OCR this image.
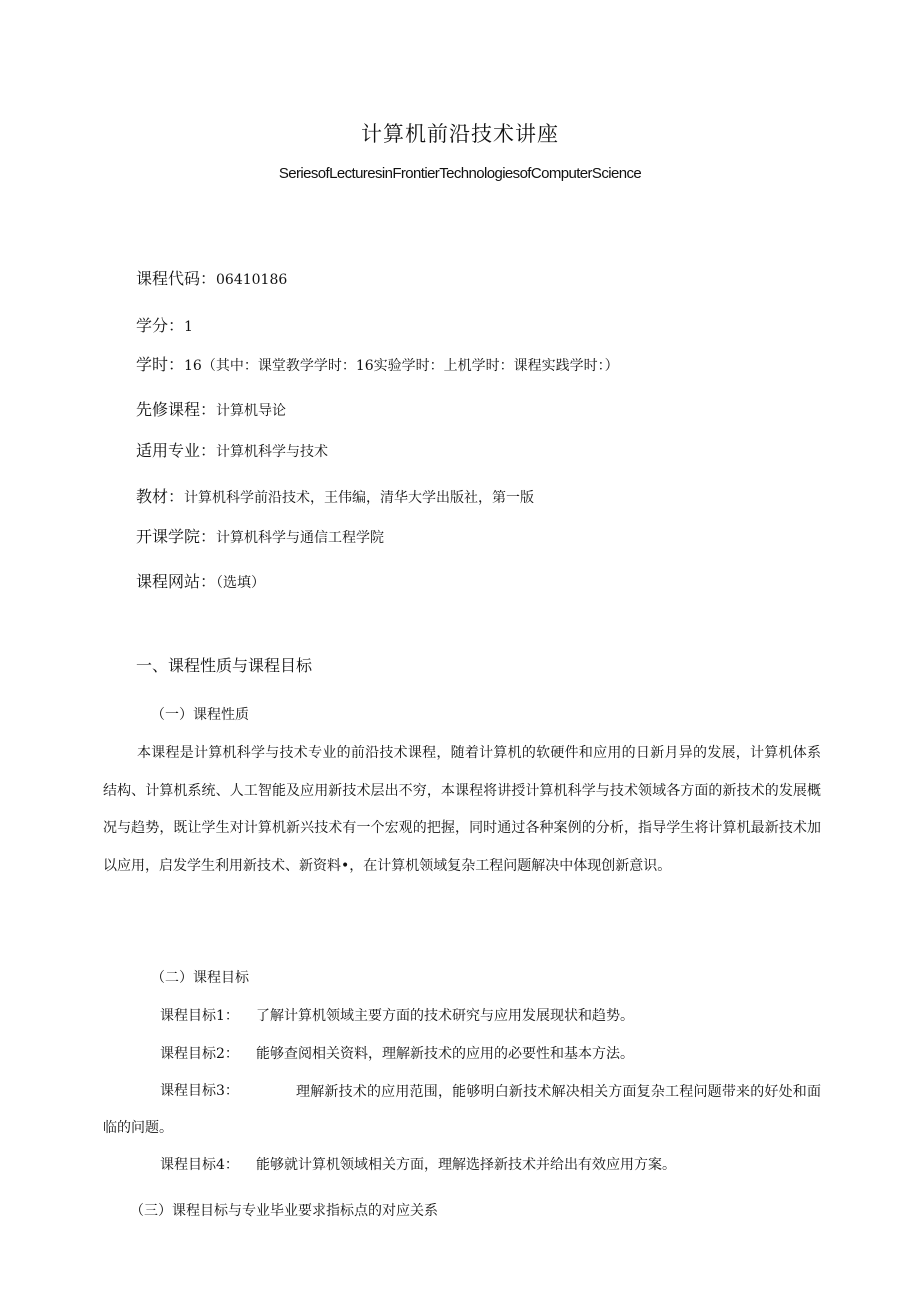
计算机前沿技术讲座
SeriesofLecturesinFrontierTechnologiesofComputerScience
课程代码：06410186
学分：1
学时：16（其中：课堂教学学时：16实验学时：上机学时：课程实践学时：）
先修课程：计算机导论
适用专业：计算机科学与技术
教材：计算机科学前沿技术，王伟编，清华大学出版社，第一版
开课学院：计算机科学与通信工程学院
课程网站：（选填）
一、课程性质与课程目标
（一）课程性质
本课程是计算机科学与技术专业的前沿技术课程，随着计算机的软硬件和应用的日新月异的发展，计算机体系结构、计算机系统、人工智能及应用新技术层出不穷，本课程将讲授计算机科学与技术领域各方面的新技术的发展概况与趋势，既让学生对计算机新兴技术有一个宏观的把握，同时通过各种案例的分析，指导学生将计算机最新技术加以应用，启发学生利用新技术、新资料•，在计算机领域复杂工程问题解决中体现创新意识。
（二）课程目标
课程目标1： 了解计算机领域主要方面的技术研究与应用发展现状和趋势。
课程目标2： 能够查阅相关资料，理解新技术的应用的必要性和基本方法。
课程目标3：	理解新技术的应用范围，能够明白新技术解决相关方面复杂工程问题带来的好处和面临的问题。
课程目标4： 能够就计算机领域相关方面，理解选择新技术并给出有效应用方案。
（三）课程目标与专业毕业要求指标点的对应关系
